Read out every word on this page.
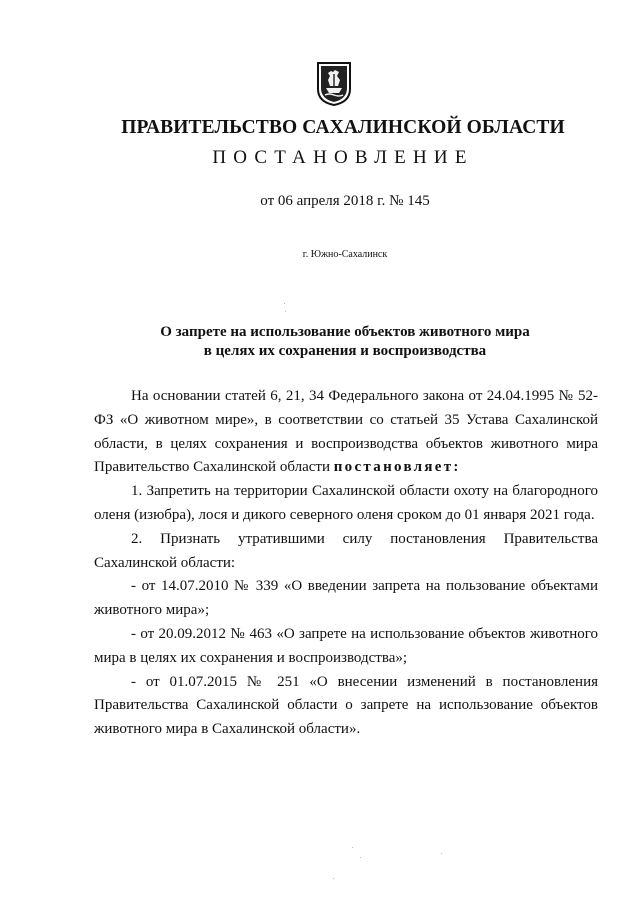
ПРАВИТЕЛЬСТВО САХАЛИНСКОЙ ОБЛАСТИ
ПОСТАНОВЛЕНИЕ
от 06 апреля 2018 г. № 145
г. Южно-Сахалинск
О запрете на использование объектов животного мира
в целях их сохранения и воспроизводства

На основании статей 6, 21, 34 Федерального закона от 24.04.1995 № 52-ФЗ «О животном мире», в соответствии со статьей 35 Устава Сахалинской области, в целях сохранения и воспроизводства объектов животного мира Правительство Сахалинской области постановляет:

1. Запретить на территории Сахалинской области охоту на благородного оленя (изюбра), лося и дикого северного оленя сроком до 01 января 2021 года.

2. Признать утратившими силу постановления Правительства Сахалинской области:

- от 14.07.2010 № 339 «О введении запрета на пользование объектами животного мира»;

- от 20.09.2012 № 463 «О запрете на использование объектов животного мира в целях их сохранения и воспроизводства»;

- от 01.07.2015 № 251 «О внесении изменений в постановления Правительства Сахалинской области о запрете на использование объектов животного мира в Сахалинской области».
